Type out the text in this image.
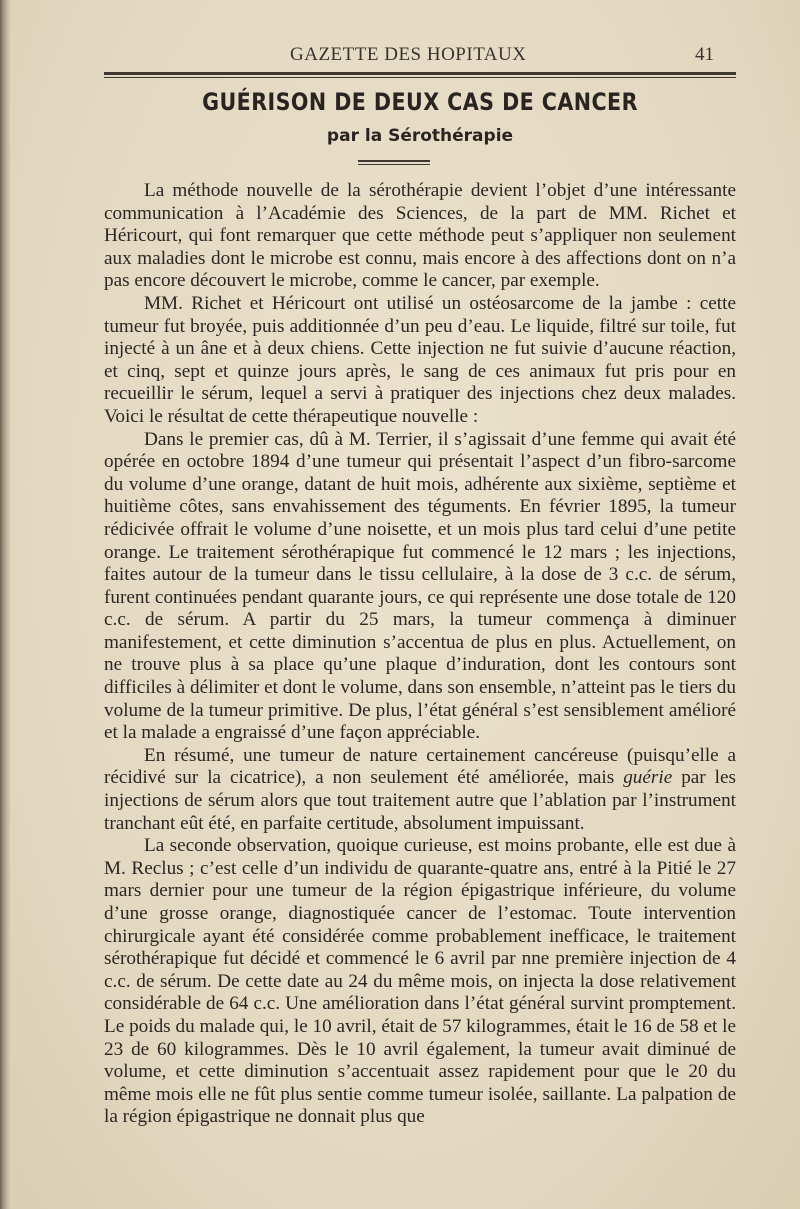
GAZETTE DES HOPITAUX	41
GUÉRISON DE DEUX CAS DE CANCER
par la Sérothérapie

La méthode nouvelle de la sérothérapie devient l’objet d’une intéressante communication à l’Académie des Sciences, de la part de MM. Richet et Héricourt, qui font remarquer que cette méthode peut s’appliquer non seulement aux maladies dont le microbe est connu, mais encore à des affections dont on n’a pas encore découvert le microbe, comme le cancer, par exemple.

MM. Richet et Héricourt ont utilisé un ostéosarcome de la jambe : cette tumeur fut broyée, puis additionnée d’un peu d’eau. Le liquide, filtré sur toile, fut injecté à un âne et à deux chiens. Cette injection ne fut suivie d’aucune réaction, et cinq, sept et quinze jours après, le sang de ces animaux fut pris pour en recueillir le sérum, lequel a servi à pratiquer des injections chez deux malades. Voici le résultat de cette thérapeutique nouvelle :

Dans le premier cas, dû à M. Terrier, il s’agissait d’une femme qui avait été opérée en octobre 1894 d’une tumeur qui présentait l’aspect d’un fibro-sarcome du volume d’une orange, datant de huit mois, adhérente aux sixième, septième et huitième côtes, sans envahissement des téguments. En février 1895, la tumeur rédicivée offrait le volume d’une noisette, et un mois plus tard celui d’une petite orange. Le traitement sérothérapique fut commencé le 12 mars ; les injections, faites autour de la tumeur dans le tissu cellulaire, à la dose de 3 c.c. de sérum, furent continuées pendant quarante jours, ce qui représente une dose totale de 120 c.c. de sérum. A partir du 25 mars, la tumeur commença à diminuer manifestement, et cette diminution s’accentua de plus en plus. Actuellement, on ne trouve plus à sa place qu’une plaque d’induration, dont les contours sont difficiles à délimiter et dont le volume, dans son ensemble, n’atteint pas le tiers du volume de la tumeur primitive. De plus, l’état général s’est sensiblement amélioré et la malade a engraissé d’une façon appréciable.

En résumé, une tumeur de nature certainement cancéreuse (puisqu’elle a récidivé sur la cicatrice), a non seulement été améliorée, mais guérie par les injections de sérum alors que tout traitement autre que l’ablation par l’instrument tranchant eût été, en parfaite certitude, absolument impuissant.

La seconde observation, quoique curieuse, est moins probante, elle est due à M. Reclus ; c’est celle d’un individu de quarante-quatre ans, entré à la Pitié le 27 mars dernier pour une tumeur de la région épigastrique inférieure, du volume d’une grosse orange, diagnostiquée cancer de l’estomac. Toute intervention chirurgicale ayant été considérée comme probablement inefficace, le traitement sérothérapique fut décidé et commencé le 6 avril par nne première injection de 4 c.c. de sérum. De cette date au 24 du même mois, on injecta la dose relativement considérable de 64 c.c. Une amélioration dans l’état général survint promptement. Le poids du malade qui, le 10 avril, était de 57 kilogrammes, était le 16 de 58 et le 23 de 60 kilogrammes. Dès le 10 avril également, la tumeur avait diminué de volume, et cette diminution s’accentuait assez rapidement pour que le 20 du même mois elle ne fût plus sentie comme tumeur isolée, saillante. La palpation de la région épigastrique ne donnait plus que
